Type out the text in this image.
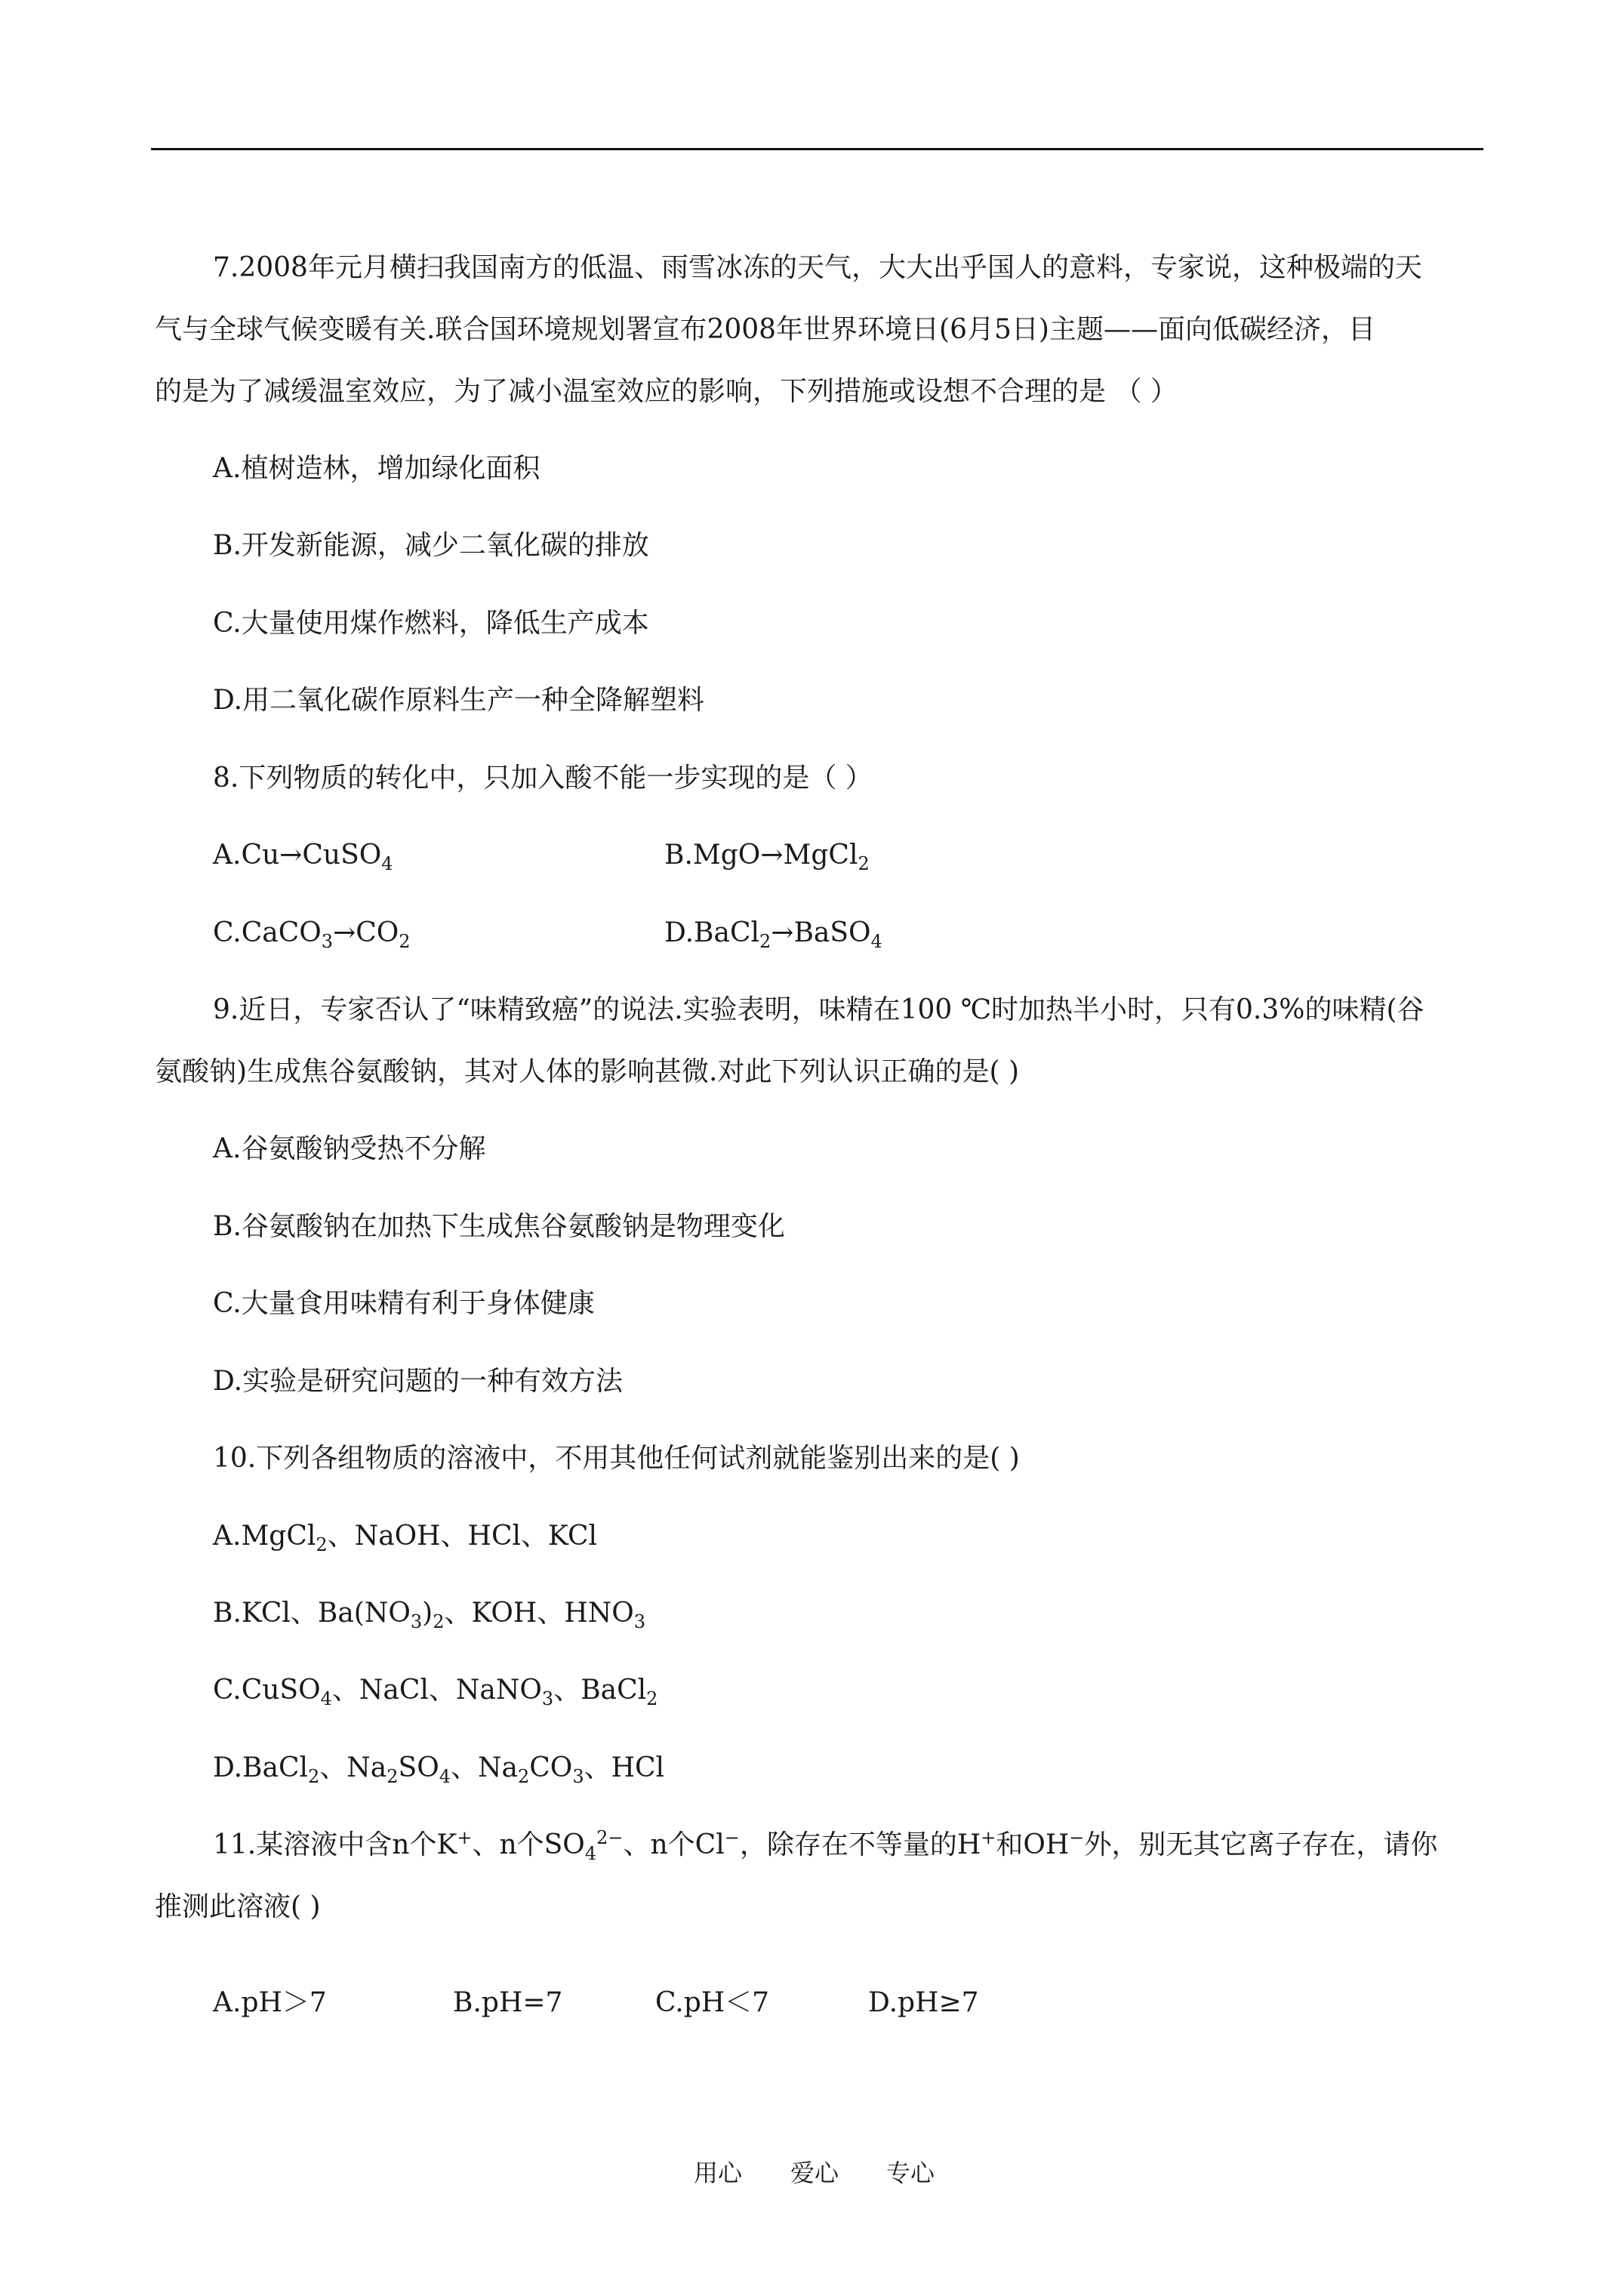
7.2008年元月横扫我国南方的低温、雨雪冰冻的天气，大大出乎国人的意料，专家说，这种极端的天
气与全球气候变暖有关.联合国环境规划署宣布2008年世界环境日(6月5日)主题——面向低碳经济，目
的是为了减缓温室效应，为了减小温室效应的影响，下列措施或设想不合理的是 （ ）
A.植树造林，增加绿化面积
B.开发新能源，减少二氧化碳的排放
C.大量使用煤作燃料，降低生产成本
D.用二氧化碳作原料生产一种全降解塑料
8.下列物质的转化中，只加入酸不能一步实现的是（ ）
A.Cu→CuSO$_4$	B.MgO→MgCl$_2$
$C.CaCO_3\to CO_2$	D.BaCl$_2$→BaSO$_4$
9.近日，专家否认了“味精致癌”的说法.实验表明，味精在100 ℃时加热半小时，只有0.3%的味精(谷
氨酸钠)生成焦谷氨酸钠，其对人体的影响甚微.对此下列认识正确的是( )
A.谷氨酸钠受热不分解
B.谷氨酸钠在加热下生成焦谷氨酸钠是物理变化
C.大量食用味精有利于身体健康
D.实验是研究问题的一种有效方法
10.下列各组物质的溶液中，不用其他任何试剂就能鉴别出来的是( )
A.MgCl$_2$、NaOH、HCl、KCl
B.KCl、$Ba(NO_3)_2$、KOH、$HNO_3$
C.CuSO$_4$、NaCl、NaNO$_3$、BaCl$_2$
D.BaCl$_2$、$Na_2SO_4$、$Na_2CO_3$、HCl
11.某溶液中含n个K+、n个$SO_4^{2-}$、n个Cl−，除存在不等量的H+和OH−外，别无其它离子存在，请你
推测此溶液( )
A.pH＞7	B.pH=7	C.pH＜7	D.pH≥7
用心 爱心 专心
